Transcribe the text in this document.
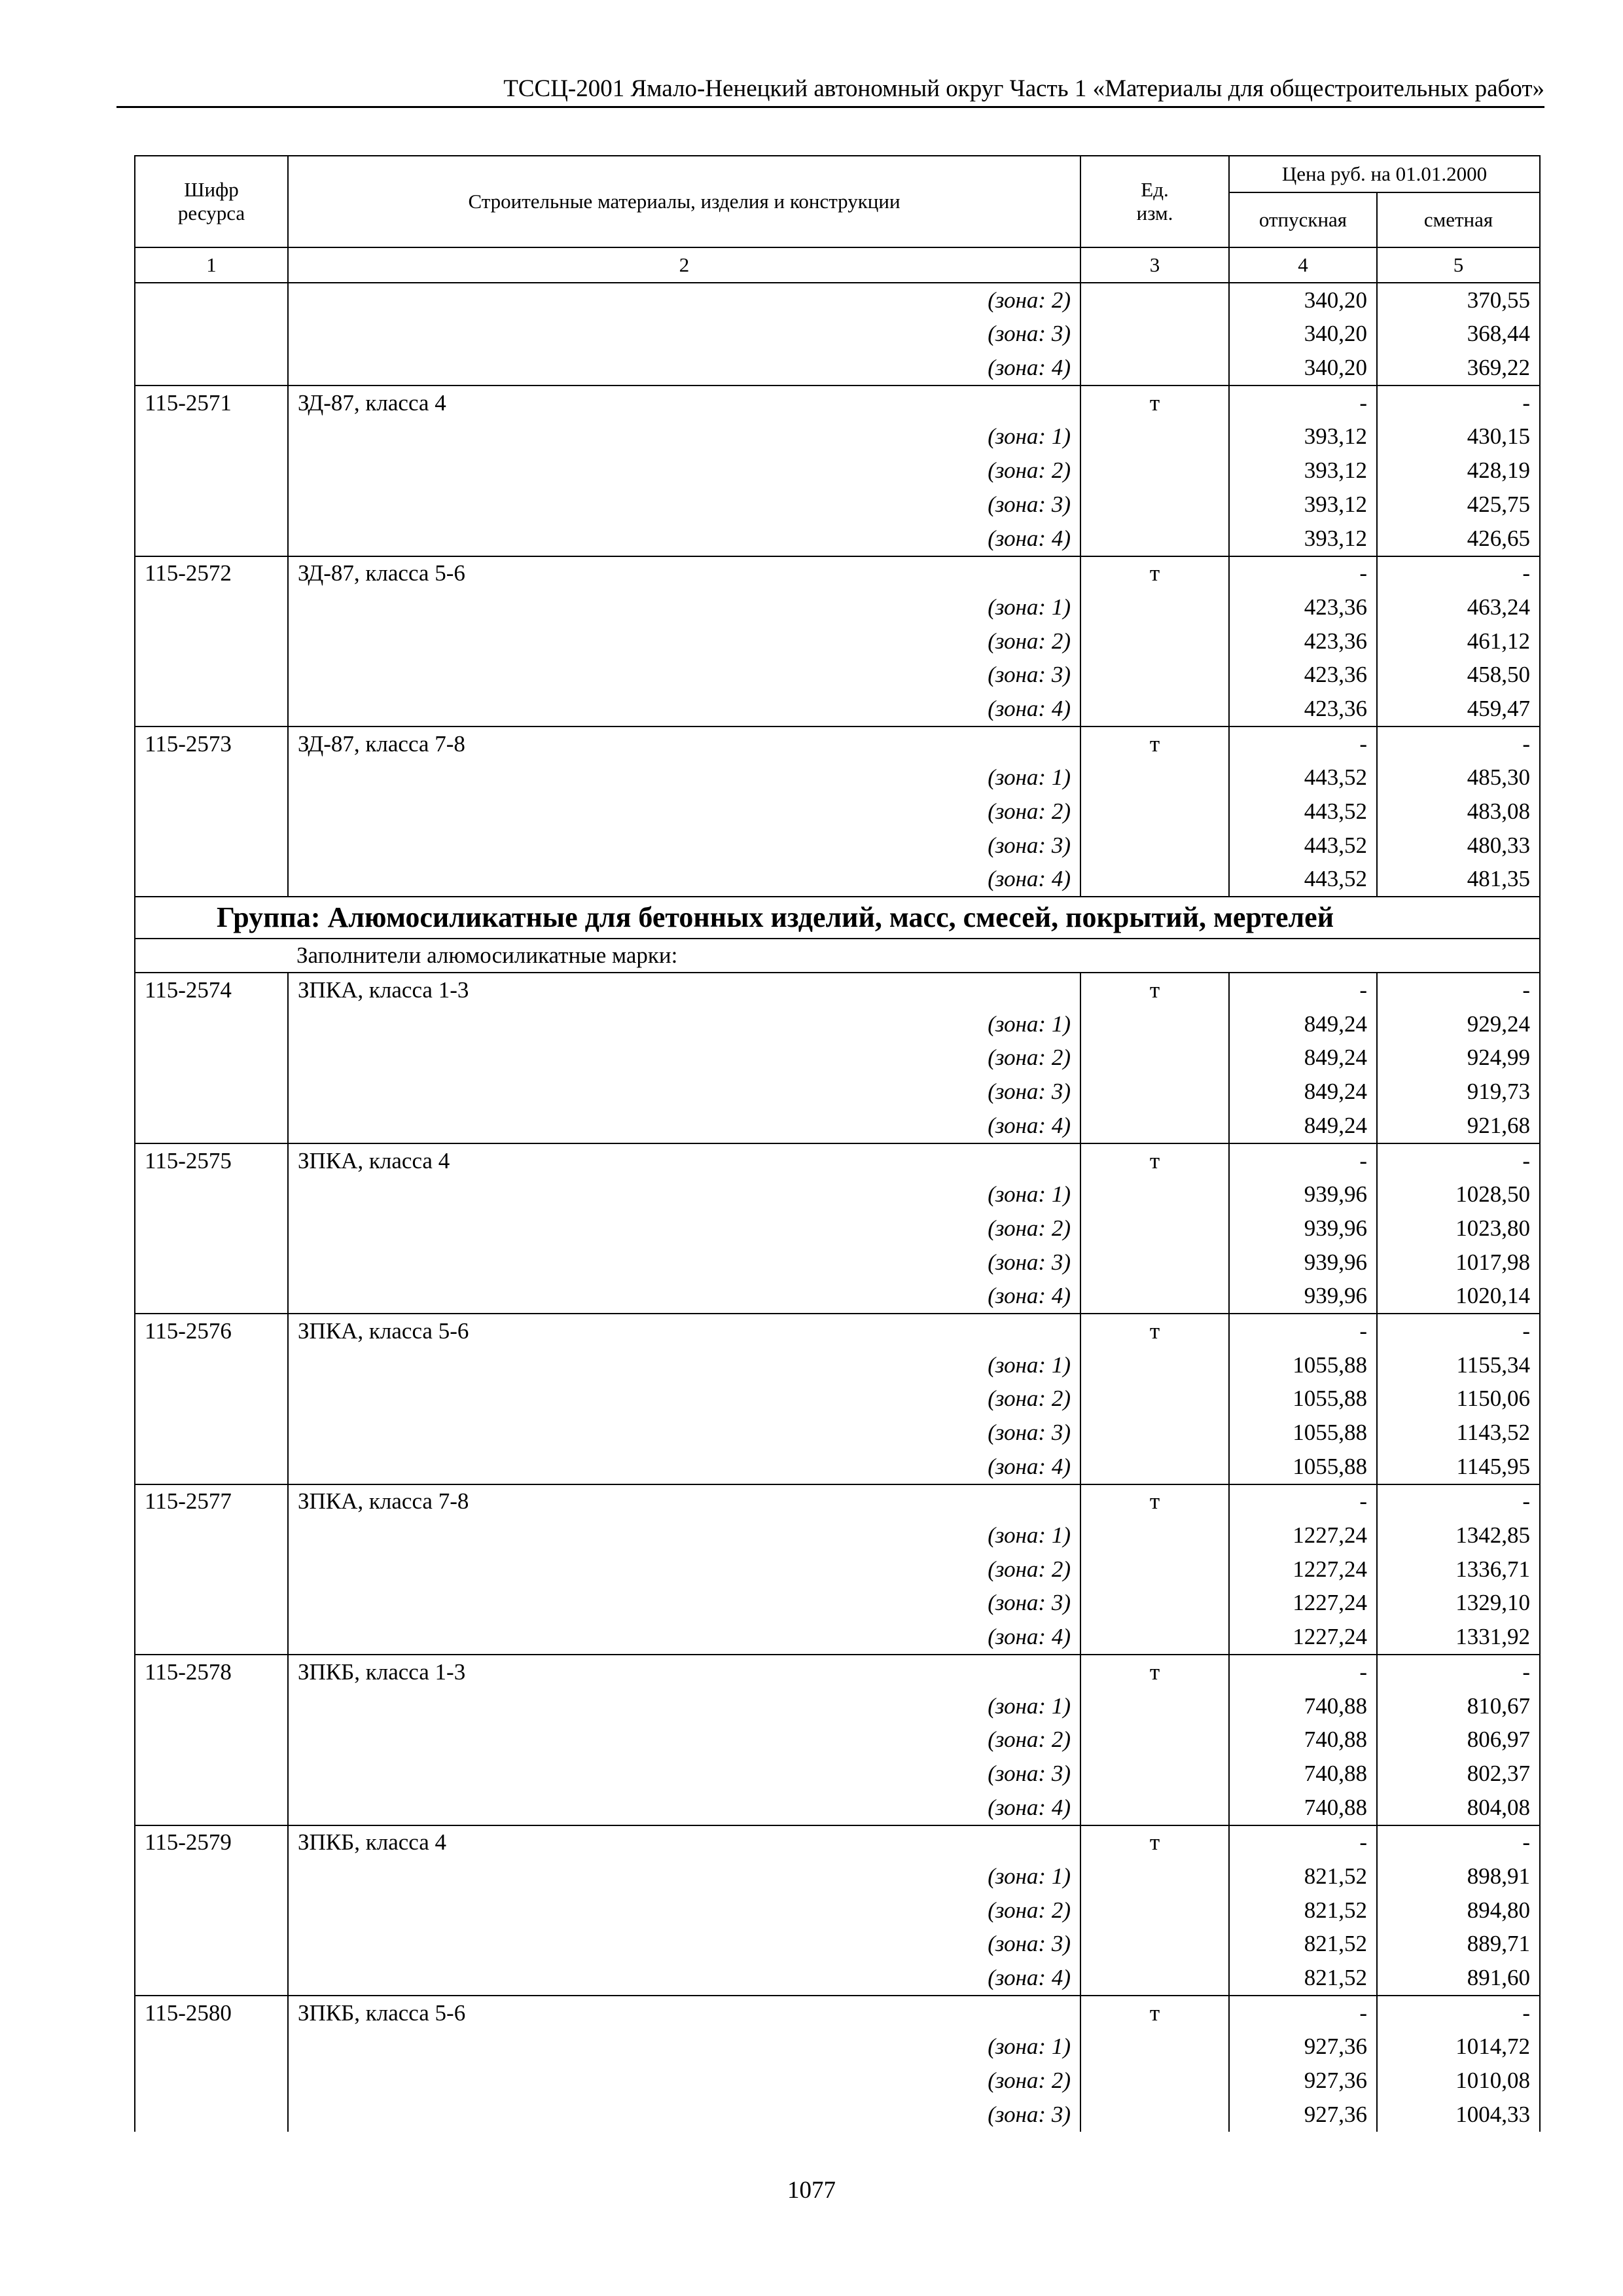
ТССЦ-2001 Ямало-Ненецкий автономный округ Часть 1 «Материалы для общестроительных работ»
Шифр ресурса	Строительные материалы, изделия и конструкции	Ед. изм.	Цена руб. на 01.01.2000	
			отпускная	сметная
1	2	3	4	5
	(зона: 2)		340,20	370,55
	(зона: 3)		340,20	368,44
	(зона: 4)		340,20	369,22
115-2571	ЗД-87, класса 4	т	-	-
	(зона: 1)		393,12	430,15
	(зона: 2)		393,12	428,19
	(зона: 3)		393,12	425,75
	(зона: 4)		393,12	426,65
115-2572	ЗД-87, класса 5-6	т	-	-
	(зона: 1)		423,36	463,24
	(зона: 2)		423,36	461,12
	(зона: 3)		423,36	458,50
	(зона: 4)		423,36	459,47
115-2573	ЗД-87, класса 7-8	т	-	-
	(зона: 1)		443,52	485,30
	(зона: 2)		443,52	483,08
	(зона: 3)		443,52	480,33
	(зона: 4)		443,52	481,35
Группа: Алюмосиликатные для бетонных изделий, масс, смесей, покрытий, мертелей				
Заполнители алюмосиликатные марки:				
115-2574	ЗПКА, класса 1-3	т	-	-
	(зона: 1)		849,24	929,24
	(зона: 2)		849,24	924,99
	(зона: 3)		849,24	919,73
	(зона: 4)		849,24	921,68
115-2575	ЗПКА, класса 4	т	-	-
	(зона: 1)		939,96	1028,50
	(зона: 2)		939,96	1023,80
	(зона: 3)		939,96	1017,98
	(зона: 4)		939,96	1020,14
115-2576	ЗПКА, класса 5-6	т	-	-
	(зона: 1)		1055,88	1155,34
	(зона: 2)		1055,88	1150,06
	(зона: 3)		1055,88	1143,52
	(зона: 4)		1055,88	1145,95
115-2577	ЗПКА, класса 7-8	т	-	-
	(зона: 1)		1227,24	1342,85
	(зона: 2)		1227,24	1336,71
	(зона: 3)		1227,24	1329,10
	(зона: 4)		1227,24	1331,92
115-2578	ЗПКБ, класса 1-3	т	-	-
	(зона: 1)		740,88	810,67
	(зона: 2)		740,88	806,97
	(зона: 3)		740,88	802,37
	(зона: 4)		740,88	804,08
115-2579	ЗПКБ, класса 4	т	-	-
	(зона: 1)		821,52	898,91
	(зона: 2)		821,52	894,80
	(зона: 3)		821,52	889,71
	(зона: 4)		821,52	891,60
115-2580	ЗПКБ, класса 5-6	т	-	-
	(зона: 1)		927,36	1014,72
	(зона: 2)		927,36	1010,08
	(зона: 3)		927,36	1004,33
1077
